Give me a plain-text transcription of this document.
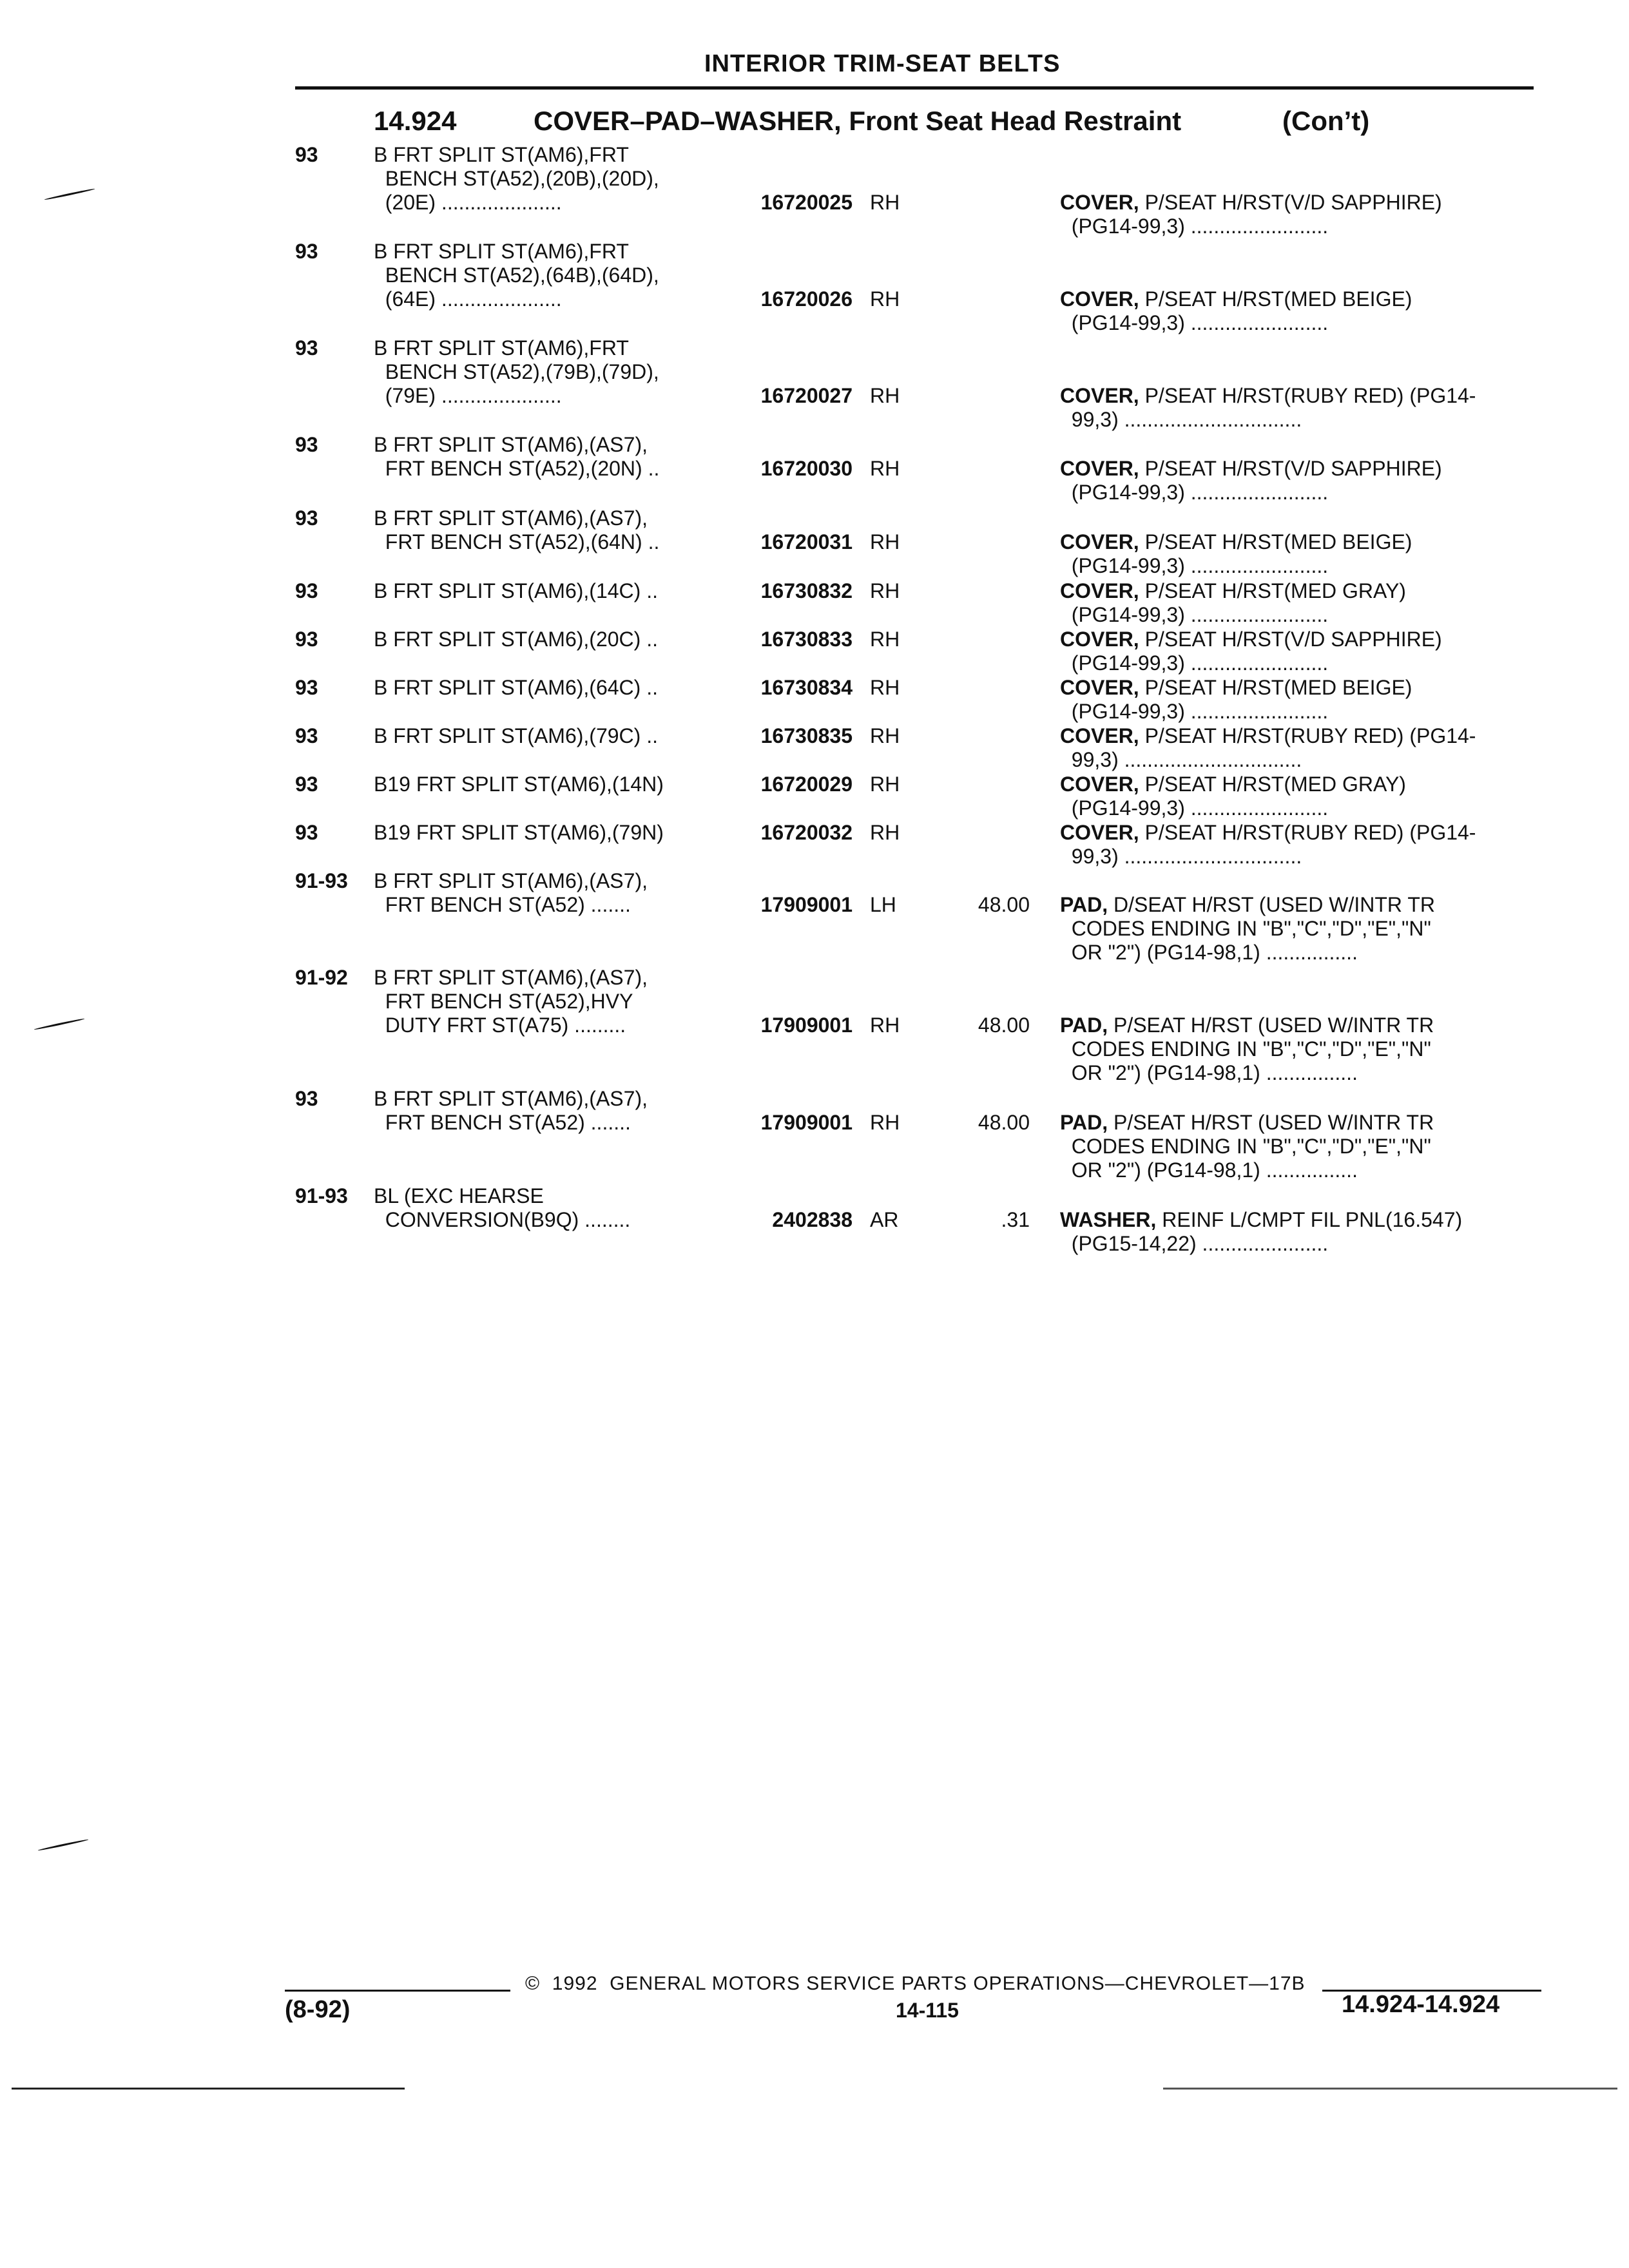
INTERIOR TRIM-SEAT BELTS
14.924	COVER–PAD–WASHER, Front Seat Head Restraint	(Con’t)
93	B FRT SPLIT ST(AM6),FRT
BENCH ST(A52),(20B),(20D),
(20E) .....................	16720025 RH	COVER, P/SEAT H/RST(V/D SAPPHIRE)
(PG14-99,3) ........................
93	B FRT SPLIT ST(AM6),FRT
BENCH ST(A52),(64B),(64D),
(64E) .....................	16720026 RH	COVER, P/SEAT H/RST(MED BEIGE)
(PG14-99,3) ........................
93	B FRT SPLIT ST(AM6),FRT
BENCH ST(A52),(79B),(79D),
(79E) .....................	16720027 RH	COVER, P/SEAT H/RST(RUBY RED) (PG14-
99,3) ...............................
93	B FRT SPLIT ST(AM6),(AS7),
FRT BENCH ST(A52),(20N) ..	16720030 RH	COVER, P/SEAT H/RST(V/D SAPPHIRE)
(PG14-99,3) ........................
93	B FRT SPLIT ST(AM6),(AS7),
FRT BENCH ST(A52),(64N) ..	16720031 RH	COVER, P/SEAT H/RST(MED BEIGE)
(PG14-99,3) ........................
93	B FRT SPLIT ST(AM6),(14C) ..	16730832 RH	COVER, P/SEAT H/RST(MED GRAY)
(PG14-99,3) ........................
93	B FRT SPLIT ST(AM6),(20C) ..	16730833 RH	COVER, P/SEAT H/RST(V/D SAPPHIRE)
(PG14-99,3) ........................
93	B FRT SPLIT ST(AM6),(64C) ..	16730834 RH	COVER, P/SEAT H/RST(MED BEIGE)
(PG14-99,3) ........................
93	B FRT SPLIT ST(AM6),(79C) ..	16730835 RH	COVER, P/SEAT H/RST(RUBY RED) (PG14-
99,3) ...............................
93	B19 FRT SPLIT ST(AM6),(14N)	16720029 RH	COVER, P/SEAT H/RST(MED GRAY)
(PG14-99,3) ........................
93	B19 FRT SPLIT ST(AM6),(79N)	16720032 RH	COVER, P/SEAT H/RST(RUBY RED) (PG14-
99,3) ...............................
91-93 B FRT SPLIT ST(AM6),(AS7),
FRT BENCH ST(A52) .......	17909001 LH	48.00 PAD, D/SEAT H/RST (USED W/INTR TR
CODES ENDING IN "B","C","D","E","N"
OR "2") (PG14-98,1) ................
91-92 B FRT SPLIT ST(AM6),(AS7),
FRT BENCH ST(A52),HVY
DUTY FRT ST(A75) .........	17909001 RH	48.00 PAD, P/SEAT H/RST (USED W/INTR TR
CODES ENDING IN "B","C","D","E","N"
OR "2") (PG14-98,1) ................
93	B FRT SPLIT ST(AM6),(AS7),
FRT BENCH ST(A52) .......	17909001 RH	48.00 PAD, P/SEAT H/RST (USED W/INTR TR
CODES ENDING IN "B","C","D","E","N"
OR "2") (PG14-98,1) ................
91-93 BL (EXC HEARSE
CONVERSION(B9Q) ........	2402838 AR	.31 WASHER, REINF L/CMPT FIL PNL(16.547)
(PG15-14,22) ......................
©  1992  GENERAL MOTORS SERVICE PARTS OPERATIONS—CHEVROLET—17B
(8-92)	14-115	14.924-14.924
